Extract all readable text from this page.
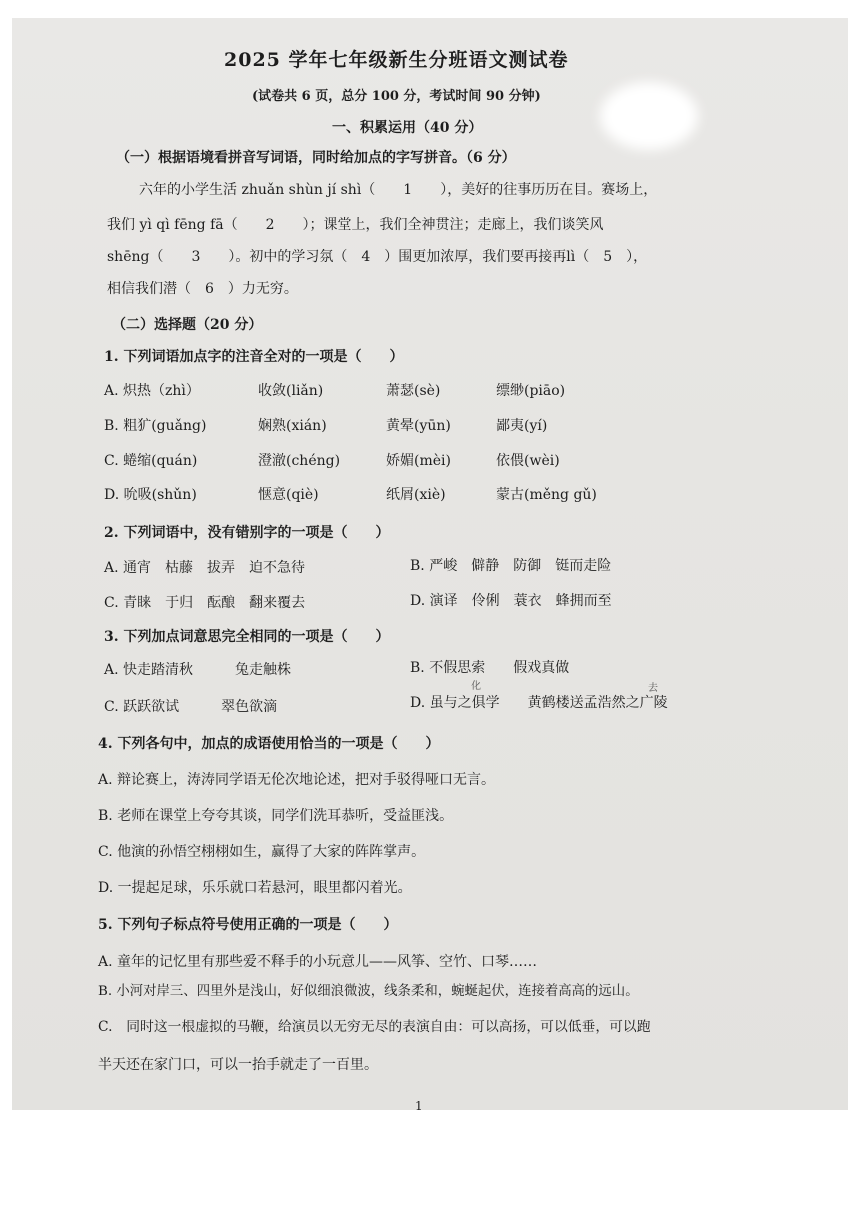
2025 学年七年级新生分班语文测试卷
(试卷共 6 页，总分 100 分，考试时间 90 分钟)
一、积累运用（40 分）
（一）根据语境看拼音写词语，同时给加点的字写拼音。（6 分）
六年的小学生活 zhuǎn shùn jí shì（　　1　　），美好的往事历历在目。赛场上，
我们 yì qì fēng fā（　　2　　）；课堂上，我们全神贯注；走廊上，我们谈笑风
shēng（　　3　　）。初中的学习氛（　4　）围更加浓厚，我们要再接再lì（　5　），
相信我们潜（　6　）力无穷。
（二）选择题（20 分）
1. 下列词语加点字的注音全对的一项是（　　）
A. 炽热（zhì）	收敛(liǎn)	萧瑟(sè)	缥缈(piāo)
B. 粗犷(guǎng)	娴熟(xián)	黄晕(yūn)	鄙夷(yí)
C. 蜷缩(quán)	澄澈(chéng)	娇媚(mèi)	依偎(wèi)
D. 吮吸(shǔn)	惬意(qiè)	纸屑(xiè)	蒙古(měng gǔ)
2. 下列词语中，没有错别字的一项是（　　）
A. 通宵　枯藤　拔弄　迫不急待	B. 严峻　僻静　防御　铤而走险
C. 青睐　于归　酝酿　翻来覆去	D. 演译　伶俐　蓑衣　蜂拥而至
3. 下列加点词意思完全相同的一项是（　　）
A. 快走踏清秋　　　兔走触株	B. 不假思索　　假戏真做
C. 跃跃欲试　　　翠色欲滴	D. 虽与之俱学　　黄鹤楼送孟浩然之广陵
化	去
4. 下列各句中，加点的成语使用恰当的一项是（　　）
A. 辩论赛上，涛涛同学语无伦次地论述，把对手驳得哑口无言。
B. 老师在课堂上夸夸其谈，同学们洗耳恭听，受益匪浅。
C. 他演的孙悟空栩栩如生，赢得了大家的阵阵掌声。
D. 一提起足球，乐乐就口若悬河，眼里都闪着光。
5. 下列句子标点符号使用正确的一项是（　　）
A. 童年的记忆里有那些爱不释手的小玩意儿——风筝、空竹、口琴……
B. 小河对岸三、四里外是浅山，好似细浪微波，线条柔和，蜿蜒起伏，连接着高高的远山。
C.　同时这一根虚拟的马鞭，给演员以无穷无尽的表演自由：可以高扬，可以低垂，可以跑
半天还在家门口，可以一抬手就走了一百里。
1
